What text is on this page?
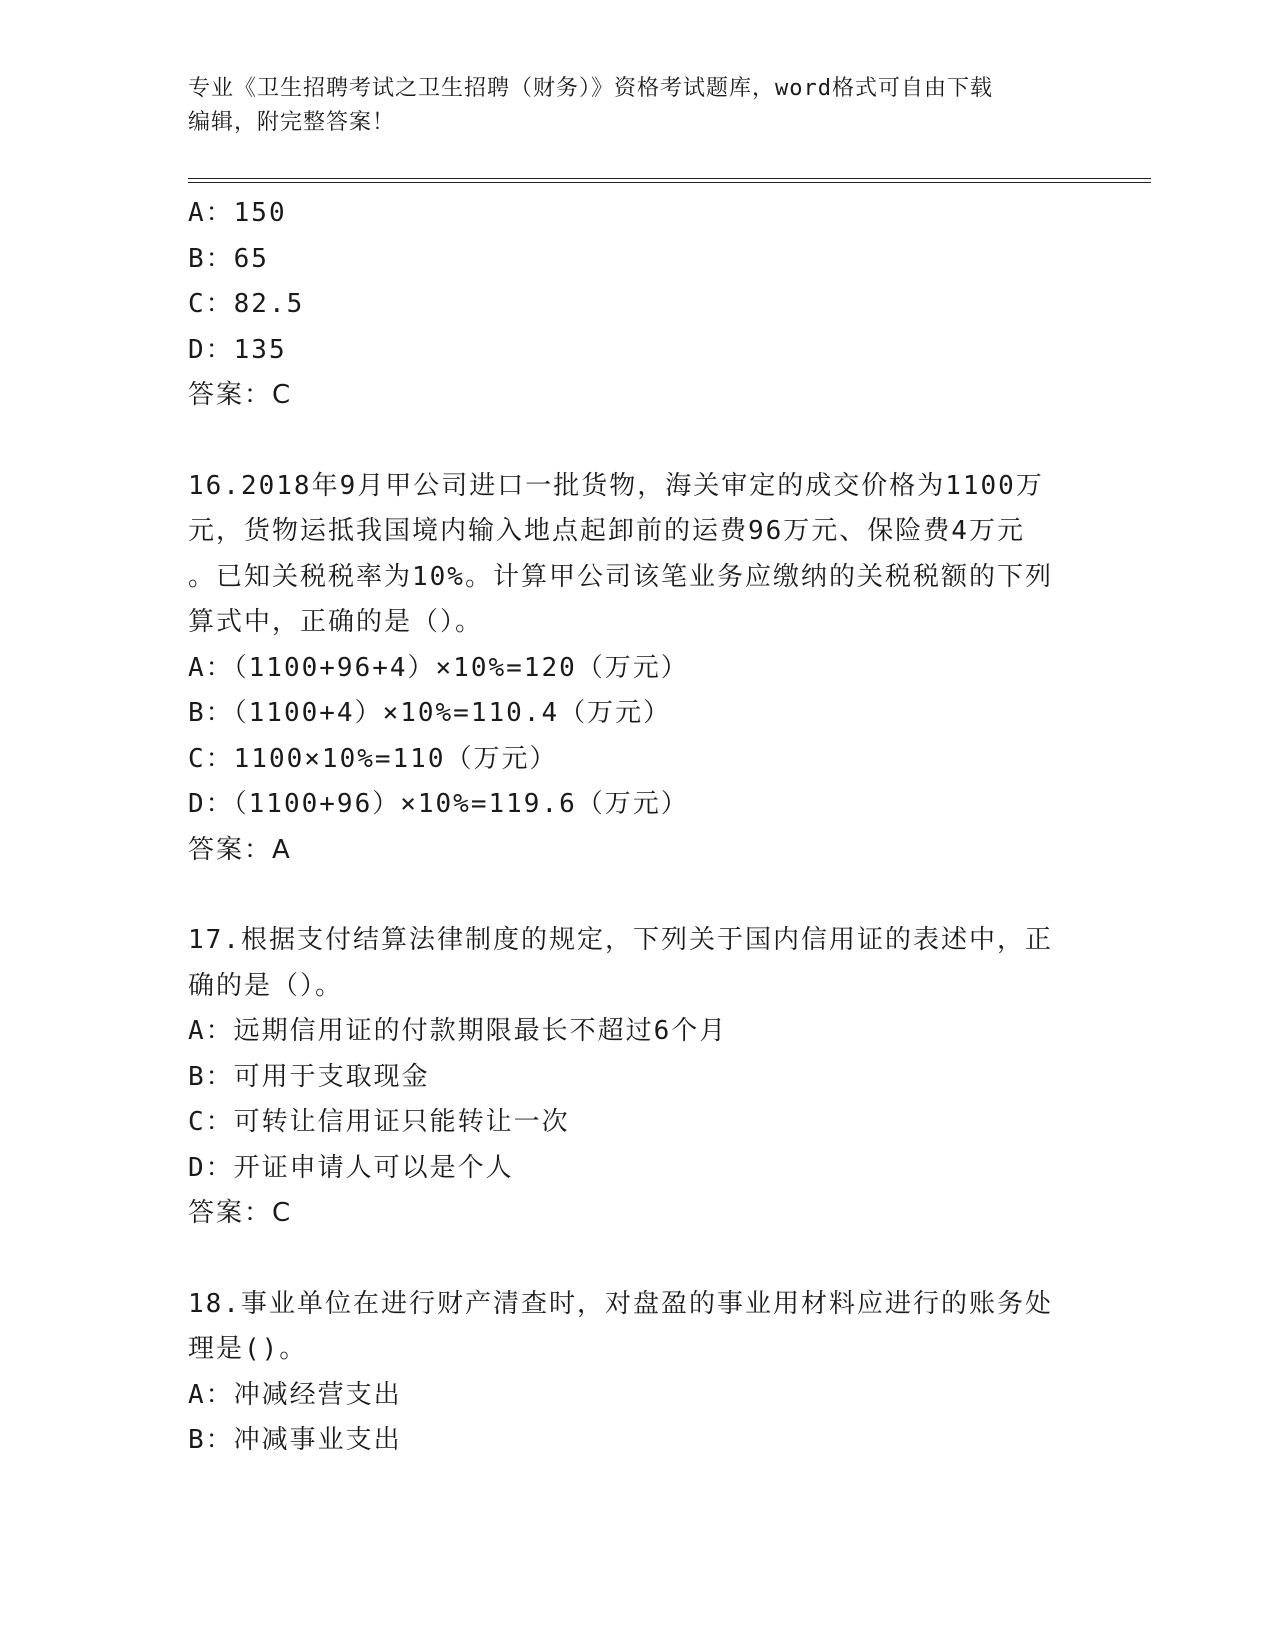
专业《卫生招聘考试之卫生招聘（财务）》资格考试题库，word格式可自由下载
编辑，附完整答案！
A：150
B：65
C：82.5
D：135
答案：C
16.2018年9月甲公司进口一批货物，海关审定的成交价格为1100万
元，货物运抵我国境内输入地点起卸前的运费96万元、保险费4万元
。已知关税税率为10%。计算甲公司该笔业务应缴纳的关税税额的下列
算式中，正确的是（）。
A：（1100+96+4）×10%=120（万元）
B：（1100+4）×10%=110.4（万元）
C：1100×10%=110（万元）
D：（1100+96）×10%=119.6（万元）
答案：A
17.根据支付结算法律制度的规定，下列关于国内信用证的表述中，正
确的是（）。
A：远期信用证的付款期限最长不超过6个月
B：可用于支取现金
C：可转让信用证只能转让一次
D：开证申请人可以是个人
答案：C
18.事业单位在进行财产清查时，对盘盈的事业用材料应进行的账务处
理是()。
A：冲减经营支出
B：冲减事业支出
